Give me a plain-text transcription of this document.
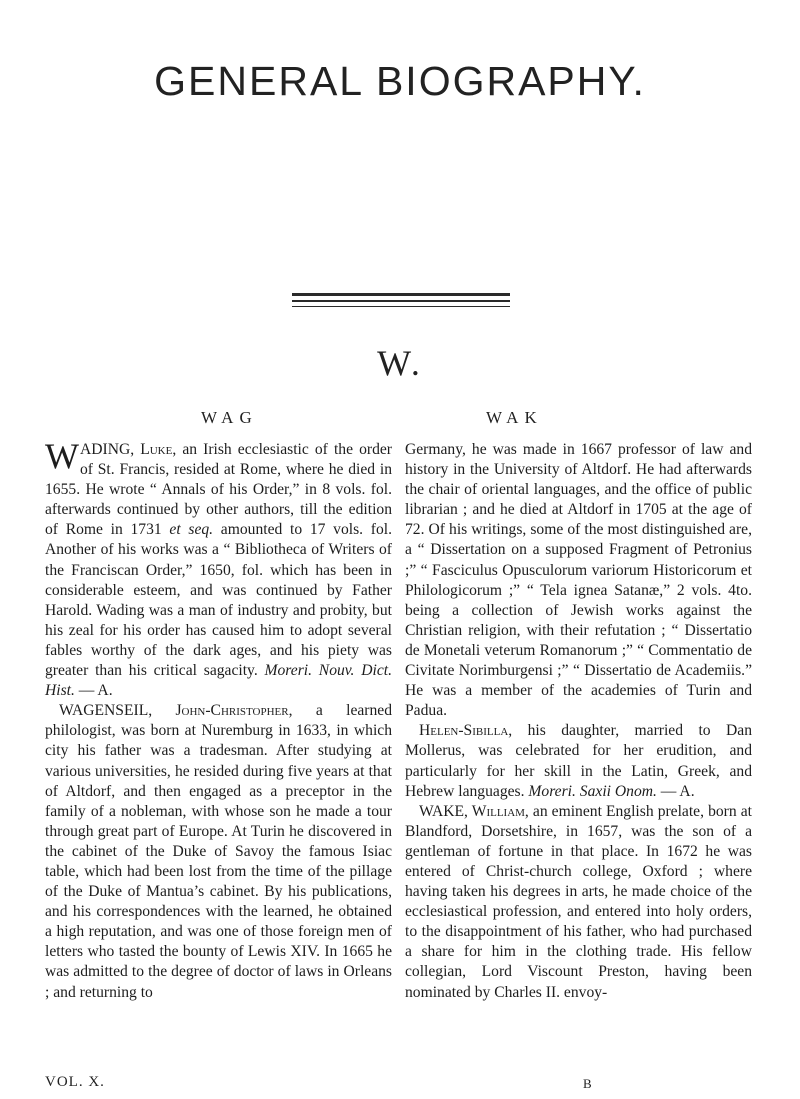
GENERAL BIOGRAPHY.
W.
WAG	WAK

WADING, Luke, an Irish ecclesiastic of the order of St. Francis, resided at Rome, where he died in 1655. He wrote “ Annals of his Order,” in 8 vols. fol. afterwards continued by other authors, till the edition of Rome in 1731 et seq. amounted to 17 vols. fol. Another of his works was a “ Bibliotheca of Writers of the Franciscan Order,” 1650, fol. which has been in considerable esteem, and was continued by Father Harold. Wading was a man of industry and probity, but his zeal for his order has caused him to adopt several fables worthy of the dark ages, and his piety was greater than his critical sagacity. Moreri. Nouv. Dict. Hist. — A.

WAGENSEIL, John-Christopher, a learned philologist, was born at Nuremburg in 1633, in which city his father was a tradesman. After studying at various universities, he resided during five years at that of Altdorf, and then engaged as a preceptor in the family of a nobleman, with whose son he made a tour through great part of Europe. At Turin he discovered in the cabinet of the Duke of Savoy the famous Isiac table, which had been lost from the time of the pillage of the Duke of Mantua’s cabinet. By his publications, and his correspondences with the learned, he obtained a high reputation, and was one of those foreign men of letters who tasted the bounty of Lewis XIV. In 1665 he was admitted to the degree of doctor of laws in Orleans ; and returning to

Germany, he was made in 1667 professor of law and history in the University of Altdorf. He had afterwards the chair of oriental languages, and the office of public librarian ; and he died at Altdorf in 1705 at the age of 72. Of his writings, some of the most distinguished are, a “ Dissertation on a supposed Fragment of Petronius ;” “ Fasciculus Opusculorum variorum Historicorum et Philologicorum ;” “ Tela ignea Satanæ,” 2 vols. 4to. being a collection of Jewish works against the Christian religion, with their refutation ; “ Dissertatio de Monetali veterum Romanorum ;” “ Commentatio de Civitate Norimburgensi ;” “ Dissertatio de Academiis.” He was a member of the academies of Turin and Padua.

Helen-Sibilla, his daughter, married to Dan Mollerus, was celebrated for her erudition, and particularly for her skill in the Latin, Greek, and Hebrew languages. Moreri. Saxii Onom. — A.

WAKE, William, an eminent English prelate, born at Blandford, Dorsetshire, in 1657, was the son of a gentleman of fortune in that place. In 1672 he was entered of Christ-church college, Oxford ; where having taken his degrees in arts, he made choice of the ecclesiastical profession, and entered into holy orders, to the disappointment of his father, who had purchased a share for him in the clothing trade. His fellow collegian, Lord Viscount Preston, having been nominated by Charles II. envoy-

VOL. X.	B
